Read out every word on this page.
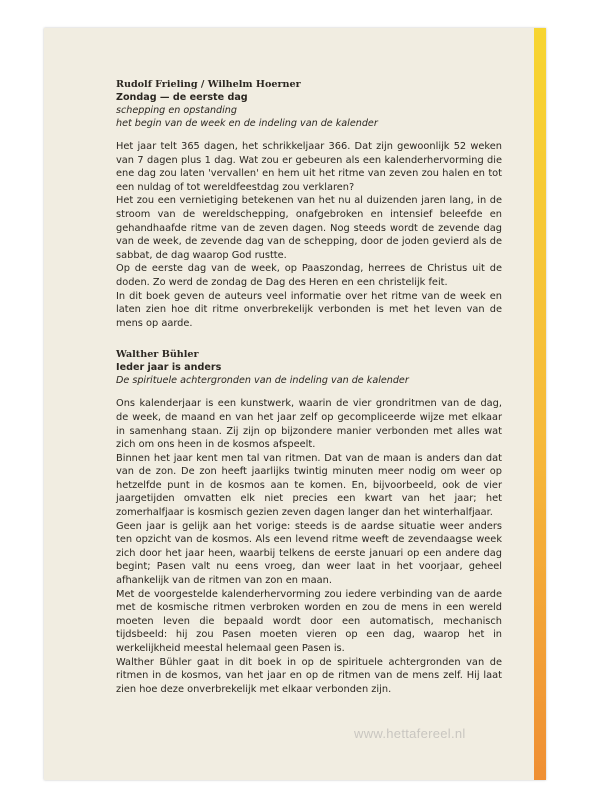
Rudolf Frieling / Wilhelm Hoerner
Zondag — de eerste dag
schepping en opstanding
het begin van de week en de indeling van de kalender

Het jaar telt 365 dagen, het schrikkeljaar 366. Dat zijn gewoonlijk 52 weken van 7 dagen plus 1 dag. Wat zou er gebeuren als een kalenderhervorming die ene dag zou laten 'vervallen' en hem uit het ritme van zeven zou halen en tot een nuldag of tot wereldfeestdag zou verklaren?

Het zou een vernietiging betekenen van het nu al duizenden jaren lang, in de stroom van de wereldschepping, onafgebroken en intensief beleefde en gehandhaafde ritme van de zeven dagen. Nog steeds wordt de zevende dag van de week, de zevende dag van de schepping, door de joden gevierd als de sabbat, de dag waarop God rustte.

Op de eerste dag van de week, op Paaszondag, herrees de Christus uit de doden. Zo werd de zondag de Dag des Heren en een christelijk feit.

In dit boek geven de auteurs veel informatie over het ritme van de week en laten zien hoe dit ritme onverbrekelijk verbonden is met het leven van de mens op aarde.

Walther Bühler
Ieder jaar is anders
De spirituele achtergronden van de indeling van de kalender

Ons kalenderjaar is een kunstwerk, waarin de vier grondritmen van de dag, de week, de maand en van het jaar zelf op gecompliceerde wijze met elkaar in samenhang staan. Zij zijn op bijzondere manier verbonden met alles wat zich om ons heen in de kosmos afspeelt.

Binnen het jaar kent men tal van ritmen. Dat van de maan is anders dan dat van de zon. De zon heeft jaarlijks twintig minuten meer nodig om weer op hetzelfde punt in de kosmos aan te komen. En, bijvoorbeeld, ook de vier jaargetijden omvatten elk niet precies een kwart van het jaar; het zomerhalfjaar is kosmisch gezien zeven dagen langer dan het winterhalfjaar.

Geen jaar is gelijk aan het vorige: steeds is de aardse situatie weer anders ten opzicht van de kosmos. Als een levend ritme weeft de zevendaagse week zich door het jaar heen, waarbij telkens de eerste januari op een andere dag begint; Pasen valt nu eens vroeg, dan weer laat in het voorjaar, geheel afhankelijk van de ritmen van zon en maan.

Met de voorgestelde kalenderhervorming zou iedere verbinding van de aarde met de kosmische ritmen verbroken worden en zou de mens in een wereld moeten leven die bepaald wordt door een automatisch, mechanisch tijdsbeeld: hij zou Pasen moeten vieren op een dag, waarop het in werkelijkheid meestal helemaal geen Pasen is.

Walther Bühler gaat in dit boek in op de spirituele achtergronden van de ritmen in de kosmos, van het jaar en op de ritmen van de mens zelf. Hij laat zien hoe deze onverbrekelijk met elkaar verbonden zijn.

www.hettafereel.nl
